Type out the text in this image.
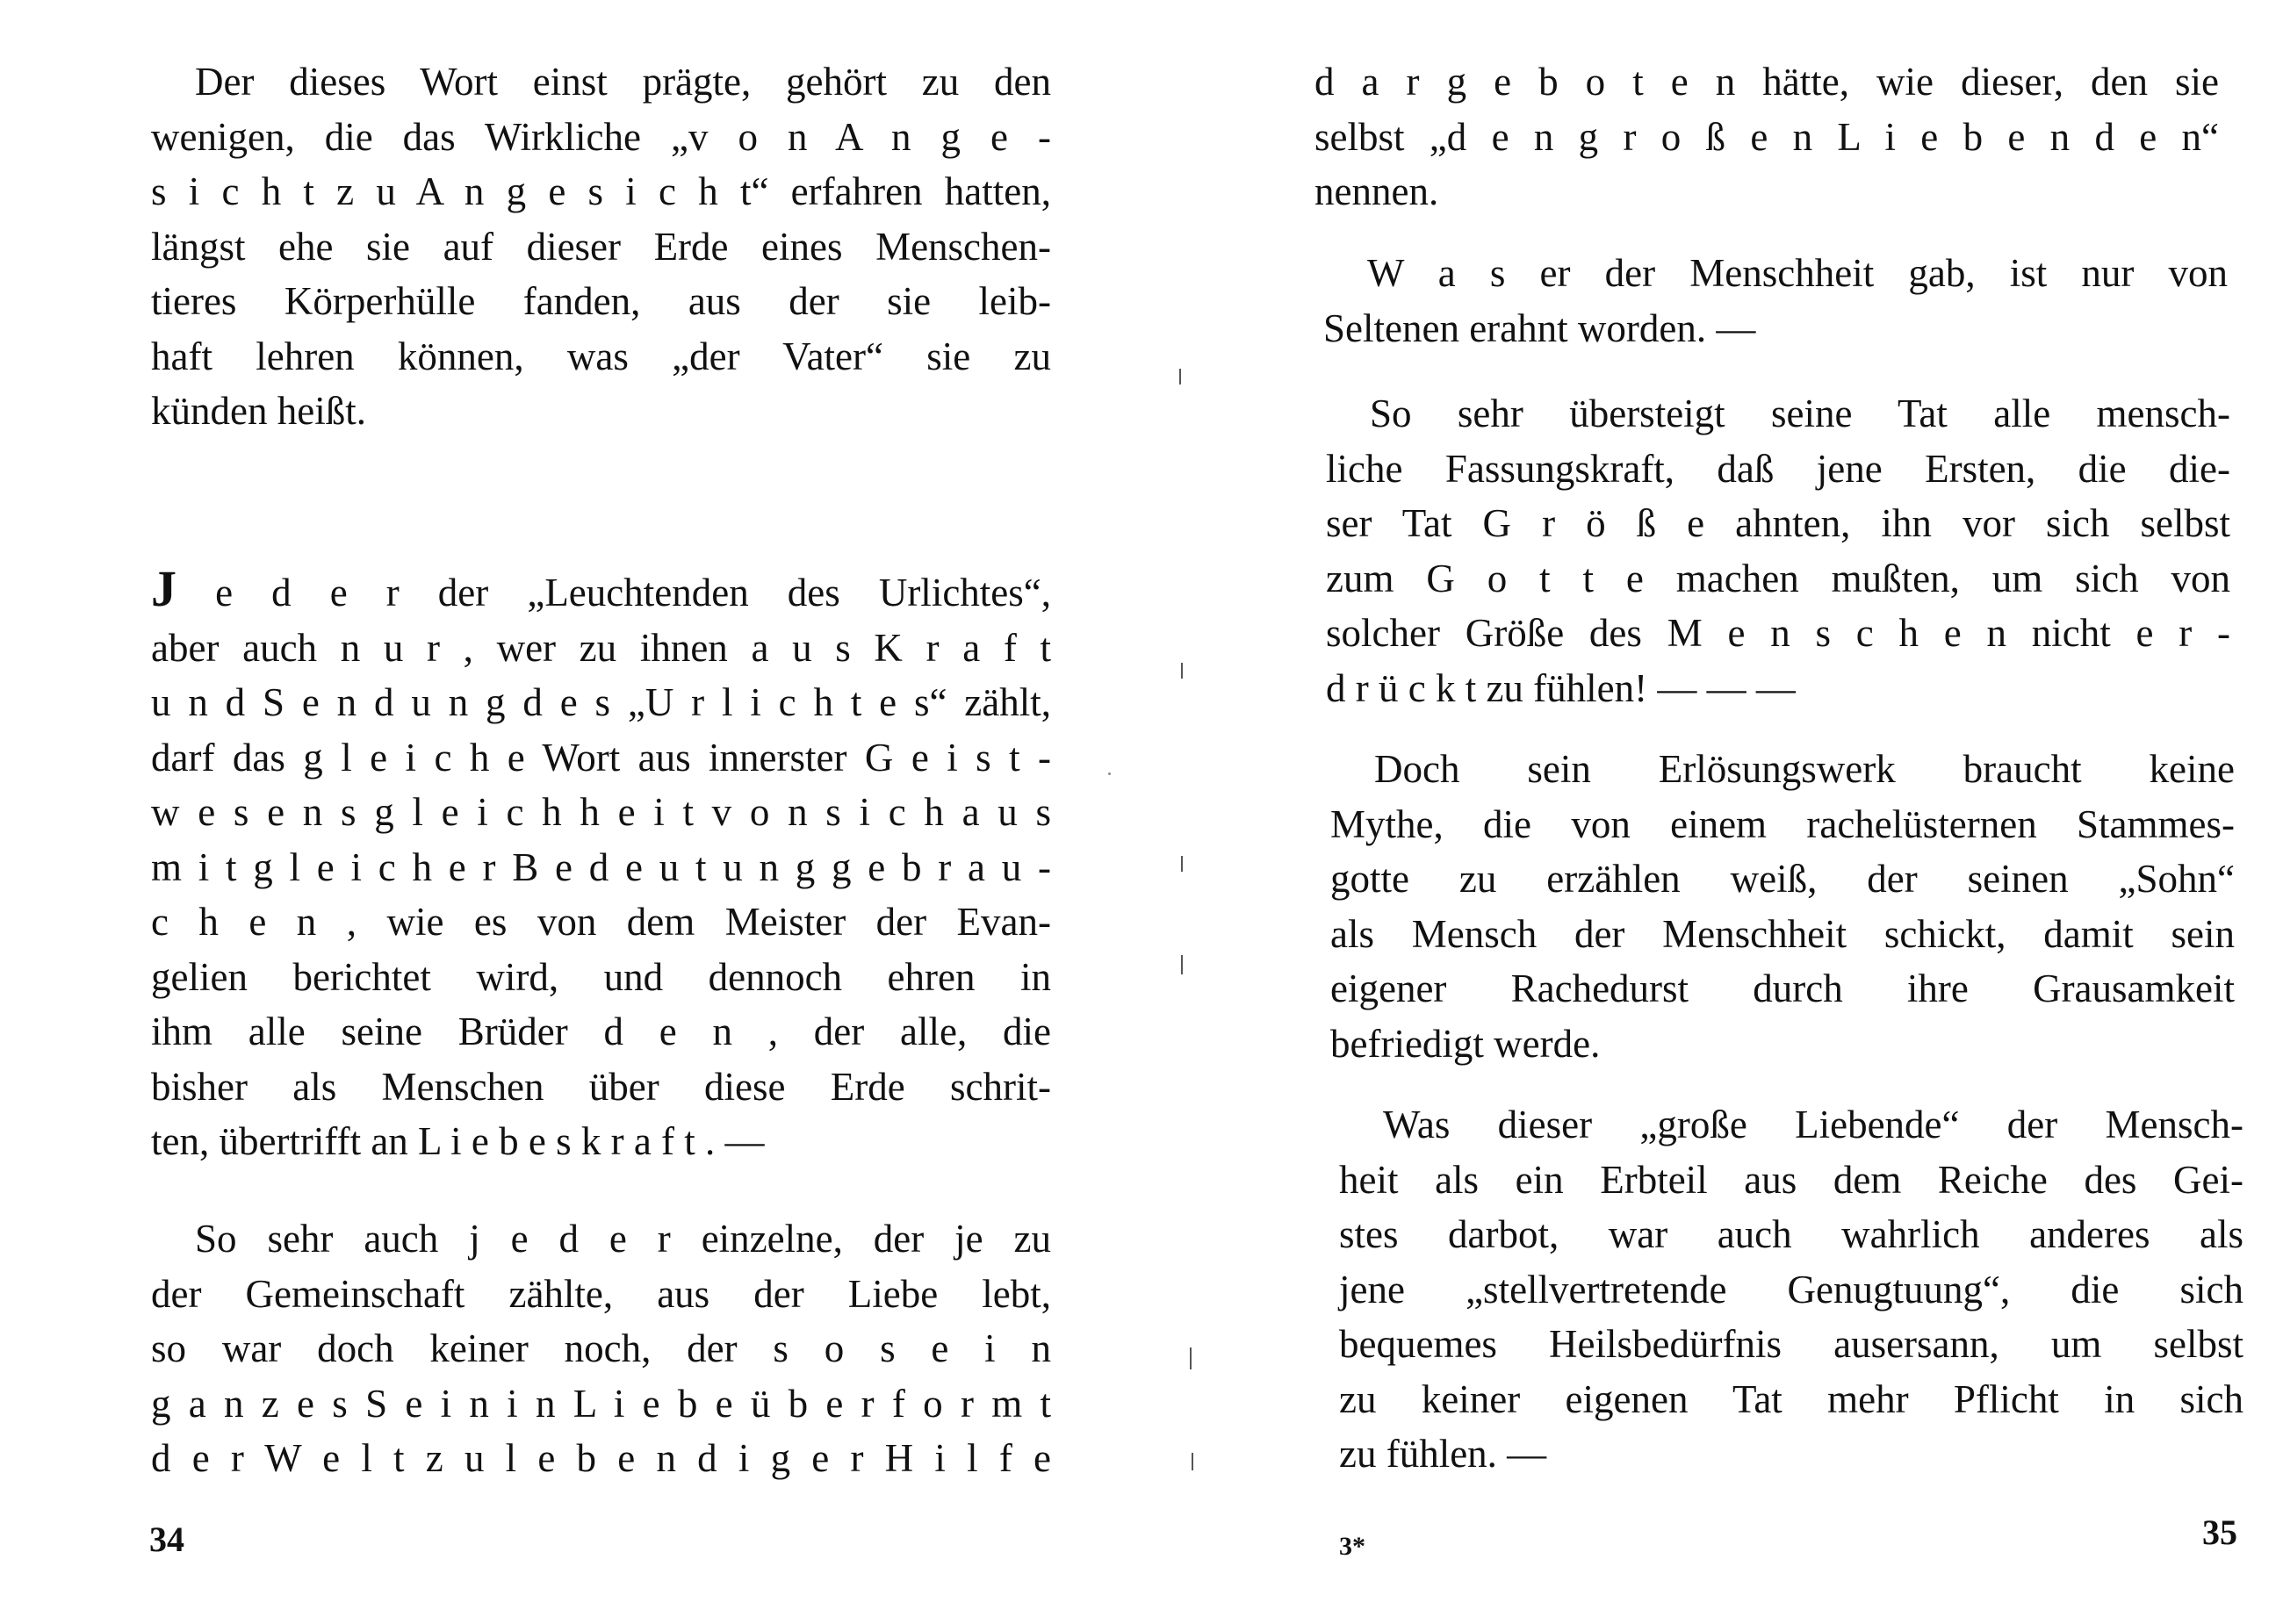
Der dieses Wort einst prägte, gehört zu den
wenigen, die das Wirkliche „v o n A n g e -
s i c h t z u A n g e s i c h t“ erfahren hatten,
längst ehe sie auf dieser Erde eines Menschen-
tieres Körperhülle fanden, aus der sie leib-
haft lehren können, was „der Vater“ sie zu
künden heißt.
J e d e r der „Leuchtenden des Urlichtes“,
aber auch n u r , wer zu ihnen a u s K r a f t
u n d S e n d u n g d e s „U r l i c h t e s“ zählt,
darf das g l e i c h e Wort aus innerster G e i s t -
w e s e n s g l e i c h h e i t v o n s i c h a u s
m i t g l e i c h e r B e d e u t u n g g e b r a u -
c h e n , wie es von dem Meister der Evan-
gelien berichtet wird, und dennoch ehren in
ihm alle seine Brüder d e n , der alle, die
bisher als Menschen über diese Erde schrit-
ten, übertrifft an L i e b e s k r a f t . —
So sehr auch j e d e r einzelne, der je zu
der Gemeinschaft zählte, aus der Liebe lebt,
so war doch keiner noch, der s o s e i n
g a n z e s S e i n i n L i e b e ü b e r f o r m t
d e r W e l t z u l e b e n d i g e r H i l f e
34
d a r g e b o t e n hätte, wie dieser, den sie
selbst „d e n g r o ß e n L i e b e n d e n“
nennen.
W a s er der Menschheit gab, ist nur von
Seltenen erahnt worden. —
So sehr übersteigt seine Tat alle mensch-
liche Fassungskraft, daß jene Ersten, die die-
ser Tat G r ö ß e ahnten, ihn vor sich selbst
zum G o t t e machen mußten, um sich von
solcher Größe des M e n s c h e n nicht e r -
d r ü c k t zu fühlen! — — —
Doch sein Erlösungswerk braucht keine
Mythe, die von einem rachelüsternen Stammes-
gotte zu erzählen weiß, der seinen „Sohn“
als Mensch der Menschheit schickt, damit sein
eigener Rachedurst durch ihre Grausamkeit
befriedigt werde.
Was dieser „große Liebende“ der Mensch-
heit als ein Erbteil aus dem Reiche des Gei-
stes darbot, war auch wahrlich anderes als
jene „stellvertretende Genugtuung“, die sich
bequemes Heilsbedürfnis ausersann, um selbst
zu keiner eigenen Tat mehr Pflicht in sich
zu fühlen. —
3*	35
